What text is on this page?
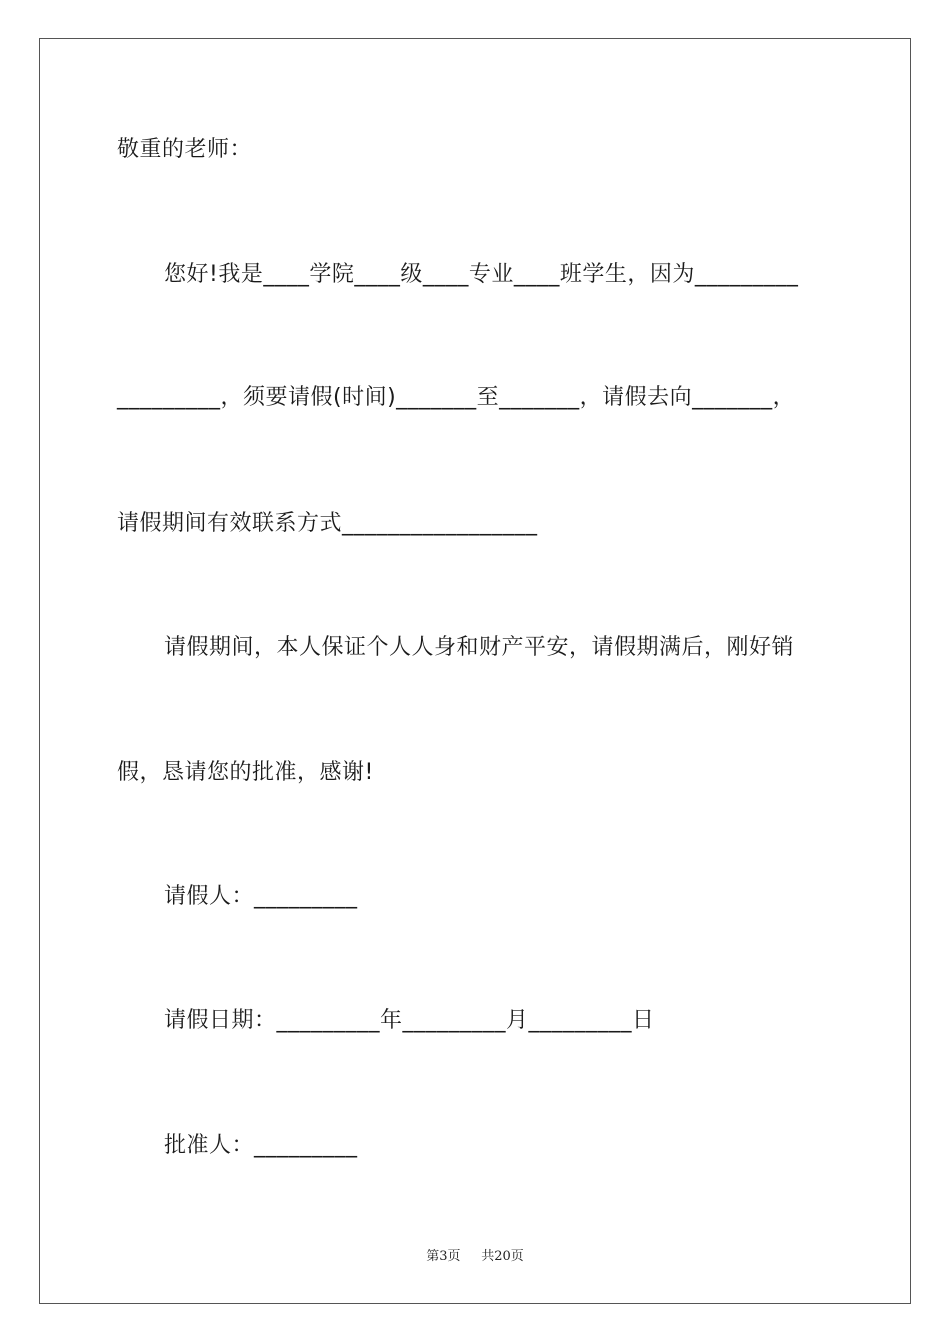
敬重的老师：
您好!我是____学院____级____专业____班学生，因为_________
_________，须要请假(时间)_______至_______，请假去向_______，
请假期间有效联系方式_________________
请假期间，本人保证个人人身和财产平安，请假期满后，刚好销
假，恳请您的批准，感谢!
请假人：_________
请假日期：_________年_________月_________日
批准人：_________
第3页 共20页
